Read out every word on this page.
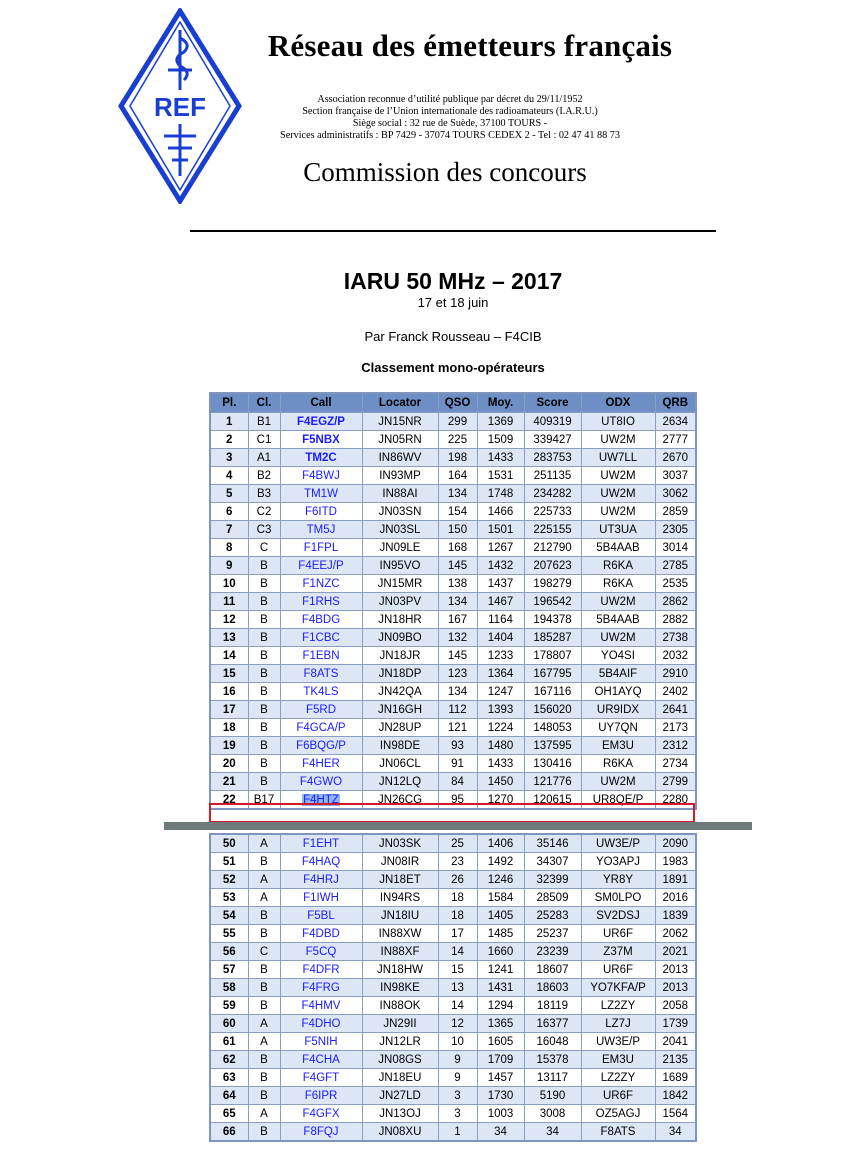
REF
Réseau des émetteurs français
Association reconnue d’utilité publique par décret du 29/11/1952
Section française de l’Union internationale des radioamateurs (I.A.R.U.)
Siège social : 32 rue de Suède, 37100 TOURS -
Services administratifs : BP 7429 - 37074 TOURS CEDEX 2 - Tel : 02 47 41 88 73
Commission des concours
IARU 50 MHz – 2017
17 et 18 juin
Par Franck Rousseau – F4CIB
Classement mono-opérateurs
Pl.	Cl.	Call	Locator	QSO	Moy.	Score	ODX	QRB
1	B1	F4EGZ/P	JN15NR	299	1369	409319	UT8IO	2634
2	C1	F5NBX	JN05RN	225	1509	339427	UW2M	2777
3	A1	TM2C	IN86WV	198	1433	283753	UW7LL	2670
4	B2	F4BWJ	IN93MP	164	1531	251135	UW2M	3037
5	B3	TM1W	IN88AI	134	1748	234282	UW2M	3062
6	C2	F6ITD	JN03SN	154	1466	225733	UW2M	2859
7	C3	TM5J	JN03SL	150	1501	225155	UT3UA	2305
8	C	F1FPL	JN09LE	168	1267	212790	5B4AAB	3014
9	B	F4EEJ/P	IN95VO	145	1432	207623	R6KA	2785
10	B	F1NZC	JN15MR	138	1437	198279	R6KA	2535
11	B	F1RHS	JN03PV	134	1467	196542	UW2M	2862
12	B	F4BDG	JN18HR	167	1164	194378	5B4AAB	2882
13	B	F1CBC	JN09BO	132	1404	185287	UW2M	2738
14	B	F1EBN	JN18JR	145	1233	178807	YO4SI	2032
15	B	F8ATS	JN18DP	123	1364	167795	5B4AIF	2910
16	B	TK4LS	JN42QA	134	1247	167116	OH1AYQ	2402
17	B	F5RD	JN16GH	112	1393	156020	UR9IDX	2641
18	B	F4GCA/P	JN28UP	121	1224	148053	UY7QN	2173
19	B	F6BQG/P	IN98DE	93	1480	137595	EM3U	2312
20	B	F4HER	JN06CL	91	1433	130416	R6KA	2734
21	B	F4GWO	JN12LQ	84	1450	121776	UW2M	2799
22	B17	F4HTZ	JN26CG	95	1270	120615	UR8QE/P	2280
50	A	F1EHT	JN03SK	25	1406	35146	UW3E/P	2090
51	B	F4HAQ	JN08IR	23	1492	34307	YO3APJ	1983
52	A	F4HRJ	JN18ET	26	1246	32399	YR8Y	1891
53	A	F1IWH	IN94RS	18	1584	28509	SM0LPO	2016
54	B	F5BL	JN18IU	18	1405	25283	SV2DSJ	1839
55	B	F4DBD	IN88XW	17	1485	25237	UR6F	2062
56	C	F5CQ	IN88XF	14	1660	23239	Z37M	2021
57	B	F4DFR	JN18HW	15	1241	18607	UR6F	2013
58	B	F4FRG	IN98KE	13	1431	18603	YO7KFA/P	2013
59	B	F4HMV	IN88OK	14	1294	18119	LZ2ZY	2058
60	A	F4DHO	JN29II	12	1365	16377	LZ7J	1739
61	A	F5NIH	JN12LR	10	1605	16048	UW3E/P	2041
62	B	F4CHA	JN08GS	9	1709	15378	EM3U	2135
63	B	F4GFT	JN18EU	9	1457	13117	LZ2ZY	1689
64	B	F6IPR	JN27LD	3	1730	5190	UR6F	1842
65	A	F4GFX	JN13OJ	3	1003	3008	OZ5AGJ	1564
66	B	F8FQJ	JN08XU	1	34	34	F8ATS	34
